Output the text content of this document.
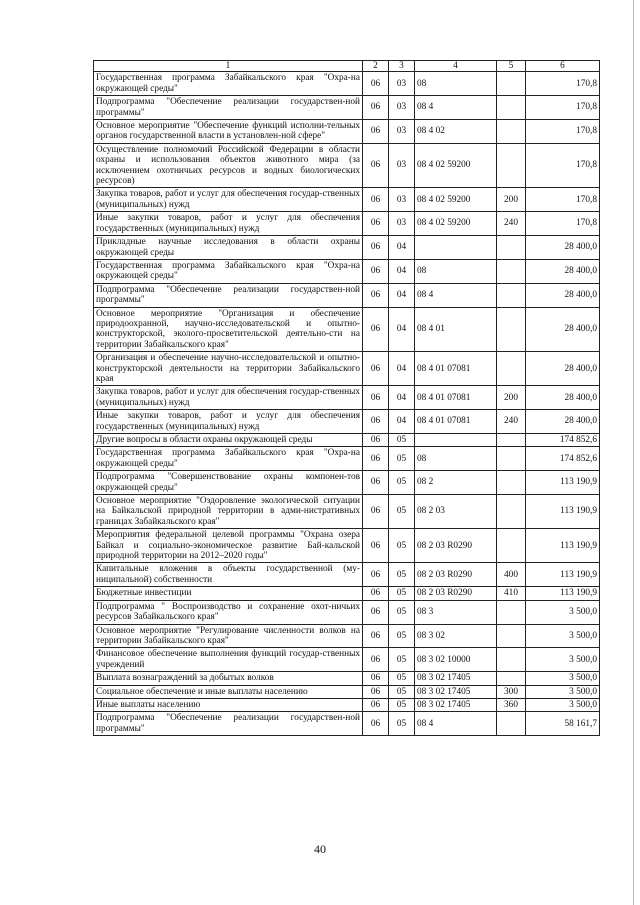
1	2	3	4	5	6
Государственная программа Забайкальского края "Охра-на окружающей среды"	06	03	08		170,8
Подпрограмма "Обеспечение реализации государствен-ной программы"	06	03	08 4		170,8
Основное мероприятие "Обеспечение функций исполни-тельных органов государственной власти в установлен-ной сфере"	06	03	08 4 02		170,8
Осуществление полномочий Российской Федерации в области охраны и использования объектов животного мира (за исключением охотничьих ресурсов и водных биологических ресурсов)	06	03	08 4 02 59200		170,8
Закупка товаров, работ и услуг для обеспечения государ-ственных (муниципальных) нужд	06	03	08 4 02 59200	200	170,8
Иные закупки товаров, работ и услуг для обеспечения государственных (муниципальных) нужд	06	03	08 4 02 59200	240	170,8
Прикладные научные исследования в области охраны окружающей среды	06	04			28 400,0
Государственная программа Забайкальского края "Охра-на окружающей среды"	06	04	08		28 400,0
Подпрограмма "Обеспечение реализации государствен-ной программы"	06	04	08 4		28 400,0
Основное мероприятие "Организация и обеспечение природоохранной, научно-исследовательской и опытно-конструкторской, эколого-просветительской деятельно-сти на территории Забайкальского края"	06	04	08 4 01		28 400,0
Организация и обеспечение научно-исследовательской и опытно-конструкторской деятельности на территории Забайкальского края	06	04	08 4 01 07081		28 400,0
Закупка товаров, работ и услуг для обеспечения государ-ственных (муниципальных) нужд	06	04	08 4 01 07081	200	28 400,0
Иные закупки товаров, работ и услуг для обеспечения государственных (муниципальных) нужд	06	04	08 4 01 07081	240	28 400,0
Другие вопросы в области охраны окружающей среды	06	05			174 852,6
Государственная программа Забайкальского края "Охра-на окружающей среды"	06	05	08		174 852,6
Подпрограмма "Совершенствование охраны компонен-тов окружающей среды"	06	05	08 2		113 190,9
Основное мероприятие "Оздоровление экологической ситуации на Байкальской природной территории в адми-нистративных границах Забайкальского края"	06	05	08 2 03		113 190,9
Мероприятия федеральной целевой программы "Охрана озера Байкал и социально-экономическое развитие Бай-кальской природной территории на 2012–2020 годы"	06	05	08 2 03 R0290		113 190,9
Капитальные вложения в объекты государственной (му-ниципальной) собственности	06	05	08 2 03 R0290	400	113 190,9
Бюджетные инвестиции	06	05	08 2 03 R0290	410	113 190,9
Подпрограмма " Воспроизводство и сохранение охот-ничьих ресурсов Забайкальского края"	06	05	08 3		3 500,0
Основное мероприятие "Регулирование численности волков на территории Забайкальского края"	06	05	08 3 02		3 500,0
Финансовое обеспечение выполнения функций государ-ственных учреждений	06	05	08 3 02 10000		3 500,0
Выплата вознаграждений за добытых волков	06	05	08 3 02 17405		3 500,0
Социальное обеспечение и иные выплаты населению	06	05	08 3 02 17405	300	3 500,0
Иные выплаты населению	06	05	08 3 02 17405	360	3 500,0
Подпрограмма "Обеспечение реализации государствен-ной программы"	06	05	08 4		58 161,7
40
